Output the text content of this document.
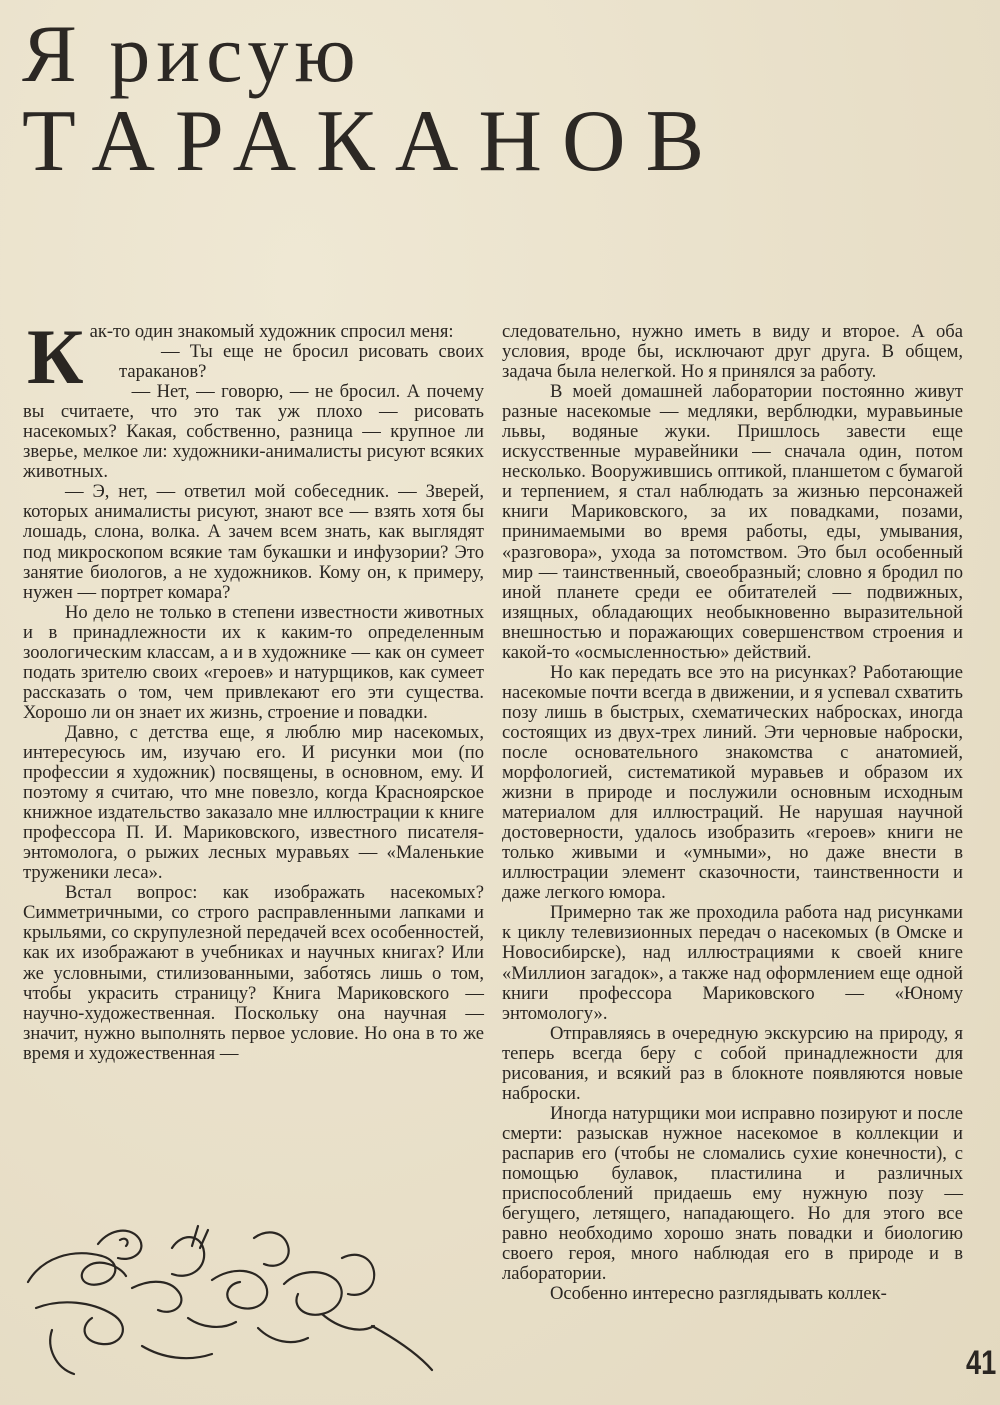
Я рисую
ТАРАКАНОВ

Как-то один знакомый художник спросил меня:

— Ты еще не бросил рисовать своих тараканов?

— Нет, — говорю, — не бросил. А почему вы считаете, что это так уж плохо — рисовать насекомых? Какая, собственно, разница — крупное ли зверье, мелкое ли: художники-анималисты рисуют всяких животных.

— Э, нет, — ответил мой собеседник. — Зверей, которых анималисты рисуют, знают все — взять хотя бы лошадь, слона, волка. А зачем всем знать, как выглядят под микроскопом всякие там букашки и инфузории? Это занятие биологов, а не художников. Кому он, к примеру, нужен — портрет комара?

Но дело не только в степени известности животных и в принадлежности их к каким-то определенным зоологическим классам, а и в художнике — как он сумеет подать зрителю своих «героев» и натурщиков, как сумеет рассказать о том, чем привлекают его эти существа. Хорошо ли он знает их жизнь, строение и повадки.

Давно, с детства еще, я люблю мир насекомых, интересуюсь им, изучаю его. И рисунки мои (по профессии я художник) посвящены, в основном, ему. И поэтому я считаю, что мне повезло, когда Красноярское книжное издательство заказало мне иллюстрации к книге профессора П. И. Мариковского, известного писателя-энтомолога, о рыжих лесных муравьях — «Маленькие труженики леса».

Встал вопрос: как изображать насекомых? Симметричными, со строго расправленными лапками и крыльями, со скрупулезной передачей всех особенностей, как их изображают в учебниках и научных книгах? Или же условными, стилизованными, заботясь лишь о том, чтобы украсить страницу? Книга Мариковского — научно-художественная. Поскольку она научная — значит, нужно выполнять первое условие. Но она в то же время и художественная —

следовательно, нужно иметь в виду и второе. А оба условия, вроде бы, исключают друг друга. В общем, задача была нелегкой. Но я принялся за работу.

В моей домашней лаборатории постоянно живут разные насекомые — медляки, верблюдки, муравьиные львы, водяные жуки. Пришлось завести еще искусственные муравейники — сначала один, потом несколько. Вооружившись оптикой, планшетом с бумагой и терпением, я стал наблюдать за жизнью персонажей книги Мариковского, за их повадками, позами, принимаемыми во время работы, еды, умывания, «разговора», ухода за потомством. Это был особенный мир — таинственный, своеобразный; словно я бродил по иной планете среди ее обитателей — подвижных, изящных, обладающих необыкновенно выразительной внешностью и поражающих совершенством строения и какой-то «осмысленностью» действий.

Но как передать все это на рисунках? Работающие насекомые почти всегда в движении, и я успевал схватить позу лишь в быстрых, схематических набросках, иногда состоящих из двух-трех линий. Эти черновые наброски, после основательного знакомства с анатомией, морфологией, систематикой муравьев и образом их жизни в природе и послужили основным исходным материалом для иллюстраций. Не нарушая научной достоверности, удалось изобразить «героев» книги не только живыми и «умными», но даже внести в иллюстрации элемент сказочности, таинственности и даже легкого юмора.

Примерно так же проходила работа над рисунками к циклу телевизионных передач о насекомых (в Омске и Новосибирске), над иллюстрациями к своей книге «Миллион загадок», а также над оформлением еще одной книги профессора Мариковского — «Юному энтомологу».

Отправляясь в очередную экскурсию на природу, я теперь всегда беру с собой принадлежности для рисования, и всякий раз в блокноте появляются новые наброски.

Иногда натурщики мои исправно позируют и после смерти: разыскав нужное насекомое в коллекции и распарив его (чтобы не сломались сухие конечности), с помощью булавок, пластилина и различных приспособлений придаешь ему нужную позу — бегущего, летящего, нападающего. Но для этого все равно необходимо хорошо знать повадки и биологию своего героя, много наблюдая его в природе и в лаборатории.

Особенно интересно разглядывать коллек-

41
